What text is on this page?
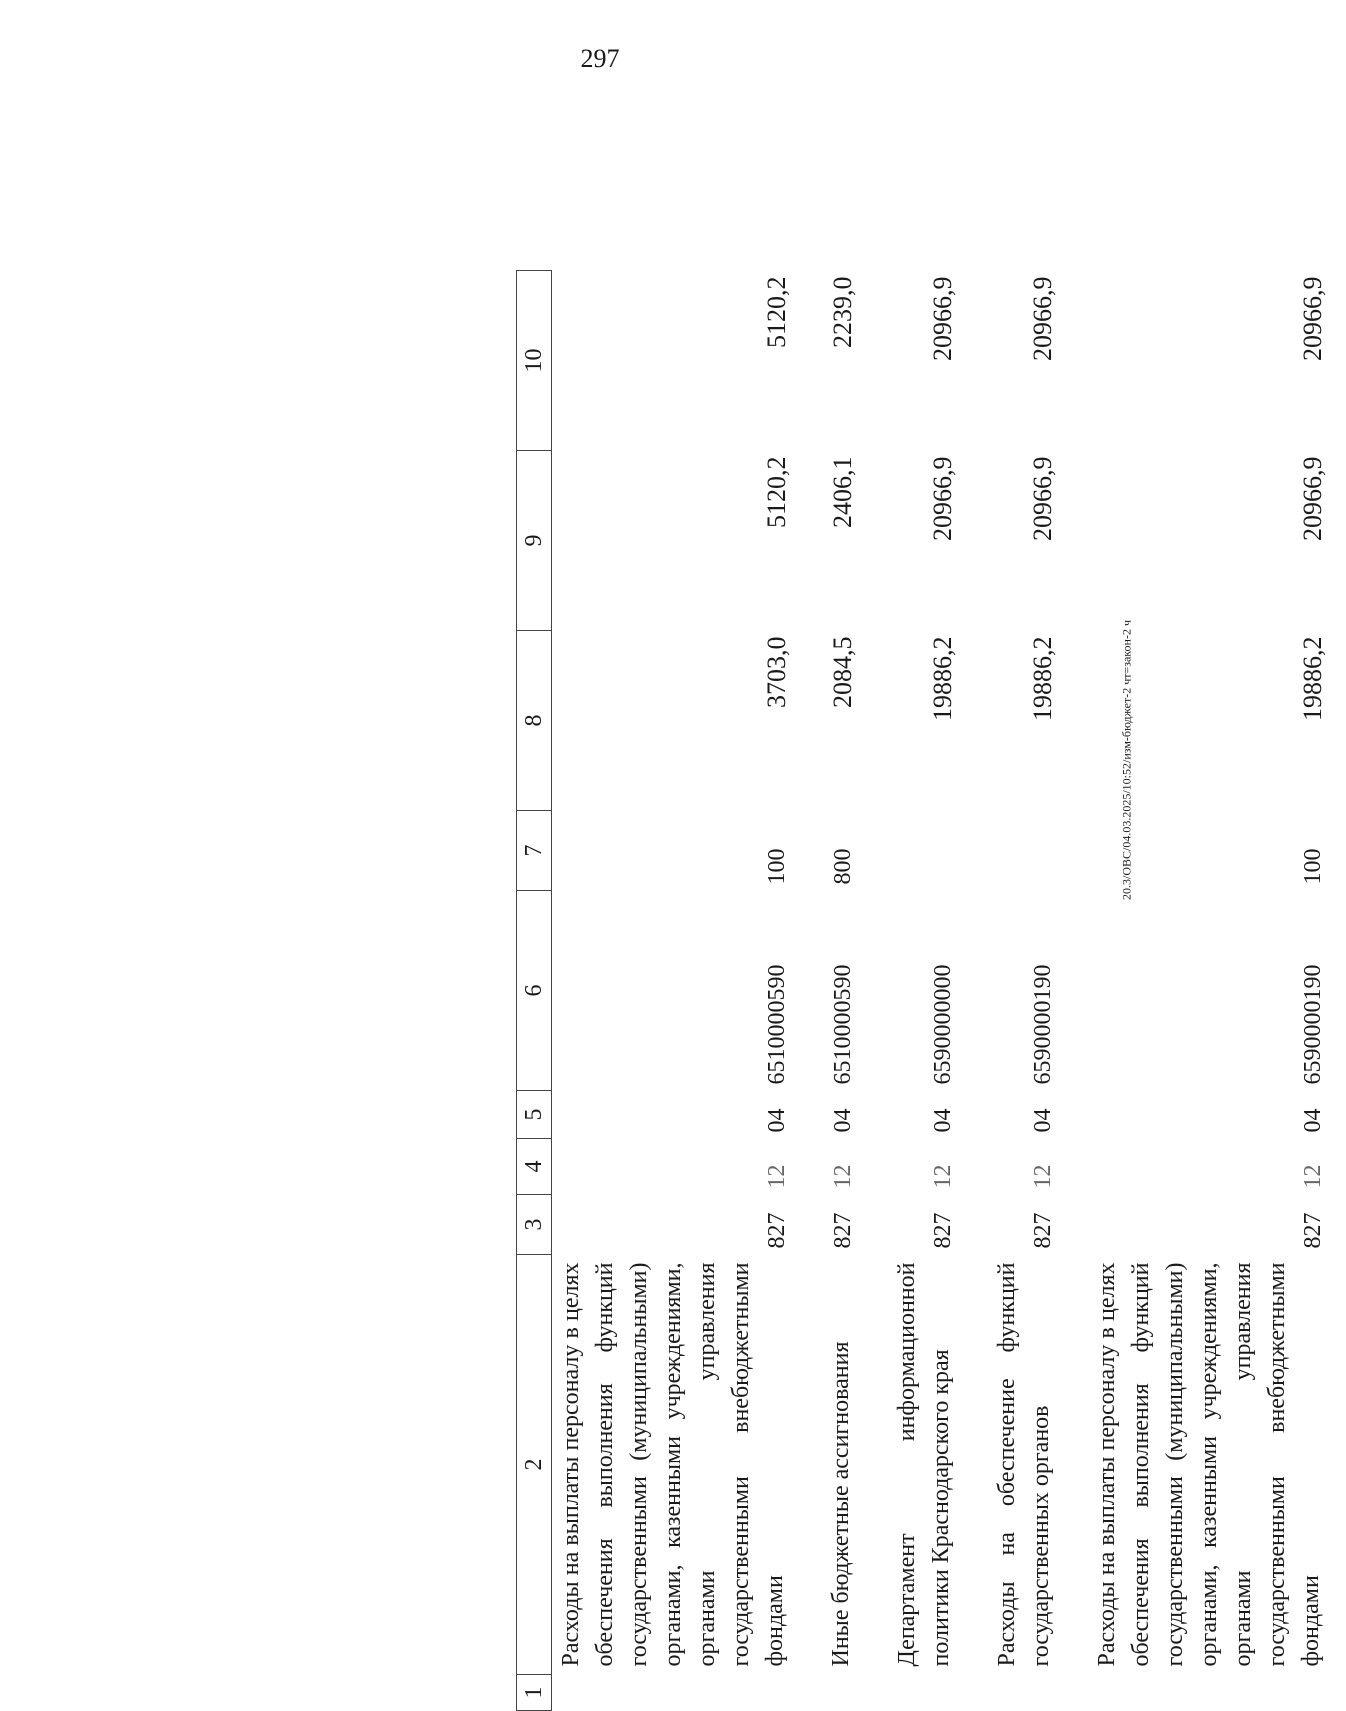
297
20.3/OBC/04.03.2025/10:52/изм-бюджет-2 чт=закон-2 ч
1	2	3	4	5	6	7	8	9	10
	Расходы на выплаты персоналу в целях обеспечения выполнения функций государственными (муниципальными) органами, казенными учреждениями, органами управления государственными внебюджетными фондами	827	12	04	6510000590	100	3703,0	5120,2	5120,2

	Иные бюджетные ассигнования	827	12	04	6510000590	800	2084,5	2406,1	2239,0

	Департамент информационной политики Краснодарского края	827	12	04	6590000000		19886,2	20966,9	20966,9

	Расходы на обеспечение функций государственных органов	827	12	04	6590000190		19886,2	20966,9	20966,9

	Расходы на выплаты персоналу в целях обеспечения выполнения функций государственными (муниципальными) органами, казенными учреждениями, органами управления государственными внебюджетными фондами	827	12	04	6590000190	100	19886,2	20966,9	20966,9
